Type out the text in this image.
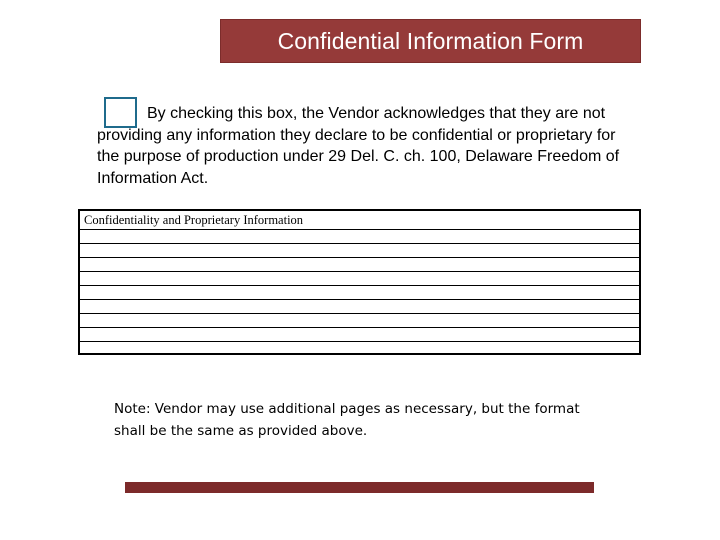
Confidential Information Form
By checking this box, the Vendor acknowledges that they are not providing any information they declare to be confidential or proprietary for the purpose of production under 29 Del. C. ch. 100, Delaware Freedom of Information Act.
Confidentiality and Proprietary Information
Note: Vendor may use additional pages as necessary, but the format shall be the same as provided above.
